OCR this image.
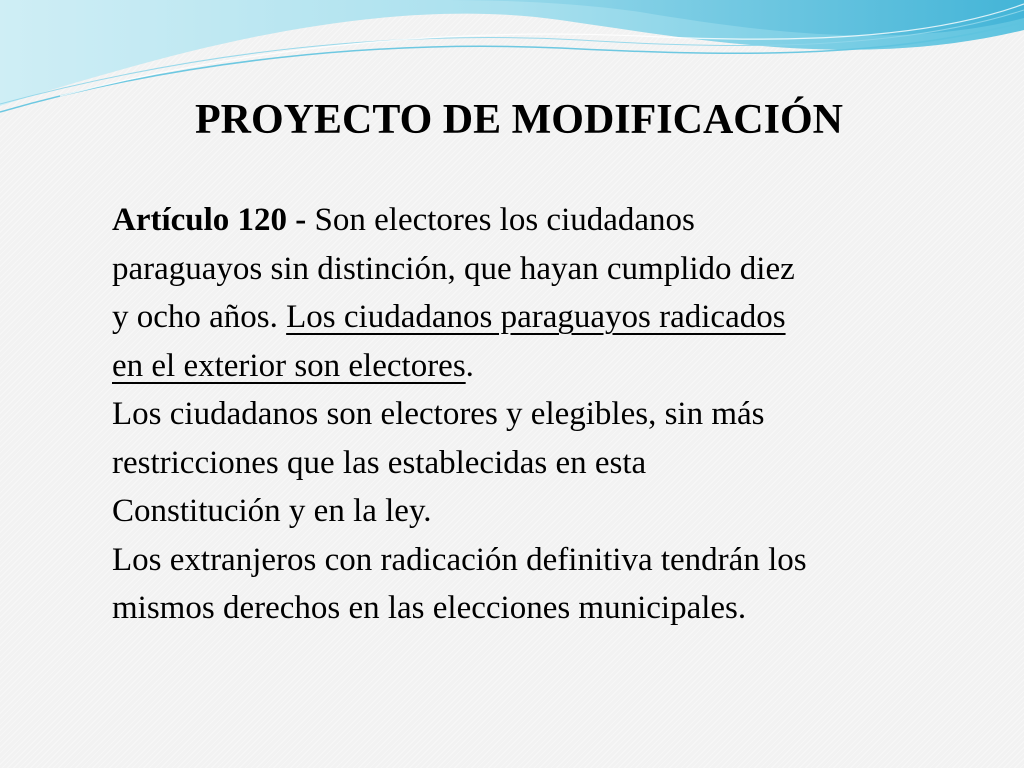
PROYECTO DE MODIFICACIÓN
Artículo 120 - Son electores los ciudadanos
paraguayos sin distinción, que hayan cumplido diez
y ocho años. Los ciudadanos paraguayos radicados
en el exterior son electores.
Los ciudadanos son electores y elegibles, sin más
restricciones que las establecidas en esta
Constitución y en la ley.
Los extranjeros con radicación definitiva tendrán los
mismos derechos en las elecciones municipales.
